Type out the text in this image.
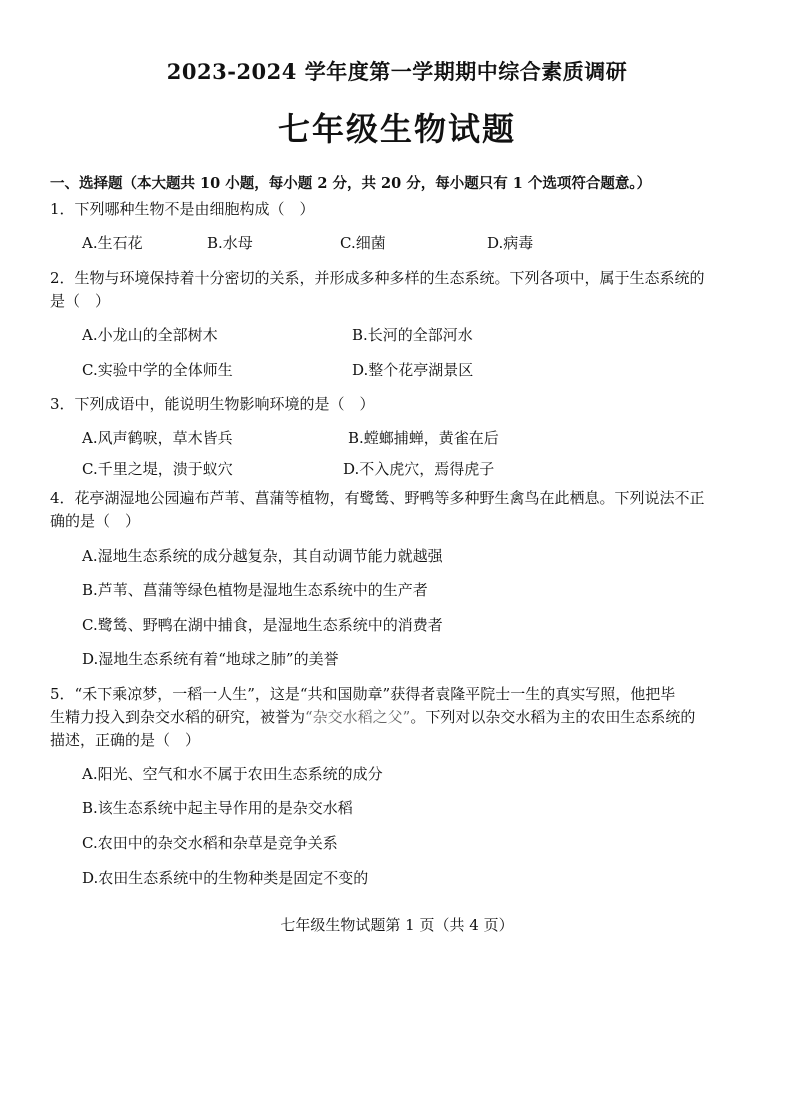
2023-2024 学年度第一学期期中综合素质调研
七年级生物试题
一、选择题（本大题共 10 小题，每小题 2 分，共 20 分，每小题只有 1 个选项符合题意。）
1．下列哪种生物不是由细胞构成（　）
A.生石花	B.水母	C.细菌	D.病毒
2．生物与环境保持着十分密切的关系，并形成多种多样的生态系统。下列各项中，属于生态系统的
是（　）
A.小龙山的全部树木	B.长河的全部河水
C.实验中学的全体师生	D.整个花亭湖景区
3．下列成语中，能说明生物影响环境的是（　）
A.风声鹤唳，草木皆兵	B.螳螂捕蝉，黄雀在后
C.千里之堤，溃于蚁穴	D.不入虎穴，焉得虎子
4．花亭湖湿地公园遍布芦苇、菖蒲等植物，有鹭鸶、野鸭等多种野生禽鸟在此栖息。下列说法不正
确的是（　）
A.湿地生态系统的成分越复杂，其自动调节能力就越强
B.芦苇、菖蒲等绿色植物是湿地生态系统中的生产者
C.鹭鸶、野鸭在湖中捕食，是湿地生态系统中的消费者
D.湿地生态系统有着“地球之肺”的美誉
5．“禾下乘凉梦，一稻一人生”，这是“共和国勋章”获得者袁隆平院士一生的真实写照，他把毕
生精力投入到杂交水稻的研究，被誉为“杂交水稻之父”。下列对以杂交水稻为主的农田生态系统的
描述，正确的是（　）
A.阳光、空气和水不属于农田生态系统的成分
B.该生态系统中起主导作用的是杂交水稻
C.农田中的杂交水稻和杂草是竞争关系
D.农田生态系统中的生物种类是固定不变的
七年级生物试题第 1 页（共 4 页）
